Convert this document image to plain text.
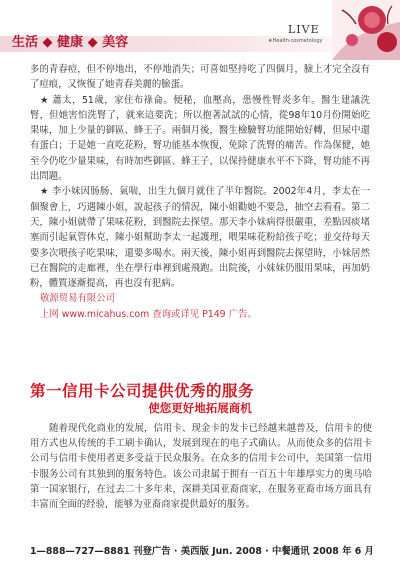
生活 ◆ 健康 ◆ 美容
LIVE
★Health·cosmetology

多的青春痘，但不停地出，不停地消失；可喜如堅持吃了四個月，臉上才完全沒有了痘痕，又恢復了她青春美麗的臉蛋。

★ 蕭太，51歲，家住布祿侖。便秘，血壓高，患慢性腎炎多年。醫生建議洗腎，但她害怕洗腎了，就來這要洗；所以抱著試試的心情，從98年10月份開始吃果味，加上少量的御區、蜂王子。兩個月後，醫生檢驗腎功能開始好轉，但尿中還有蛋白；于是她一直吃花粉，腎功能基本恢復，免除了洗腎的痛苦。作為保健，她至今仍吃少量果味，有時加些御區、蜂王子，以保持健康水平不下降，腎功能不再出問題。

★ 李小妹因肠肠、氣喘，出生九個月就住了半年醫院。2002年4月，李太在一個聚會上，巧遇陳小姐，說起孩子的情況，陳小姐勸她不要急，抽空去看看。第二天，陳小姐就帶了果味花粉，到醫院去探望。那天李小妹病得很嚴重，差點因痰堵塞而引起氣管休克，陳小姐幫助李太一起護理，喂果味花粉給孩子吃；並交待每天要多次喂孩子吃果味，還要多喝水。兩天後，陳小姐再到醫院去探望時，小妹居然已在醫院的走廊裡，坐在學行車裡到處飛跑。出院後，小妹妹仍服用果味，再加奶粉，體質逐漸提高，再也沒有犯病。

敬源贸易有限公司

上网 www.micahus.com 查询或详见 P149 广告。

第一信用卡公司提供优秀的服务
使您更好地拓展商机
随着现代化商业的发展，信用卡、现金卡的发卡已经越来越普及，信用卡的使用方式也从传统的手工刷卡确认，发展到现在的电子式确认。从而使众多的信用卡公司与信用卡使用者更多受益于民众服务。在众多的信用卡公司中，美国第一信用卡服务公司有其独到的服务特色。该公司隶属于拥有一百五十年雄厚实力的奥马哈第一国家银行，在过去二十多年来，深耕美国亚裔商家，在服务亚裔市场方面具有丰富而全面的经验，能够为亚裔商家提供最好的服务。
1—888—727—8881 刊登广告 · 美西版 Jun. 2008 · 中餐通讯 2008 年 6 月
